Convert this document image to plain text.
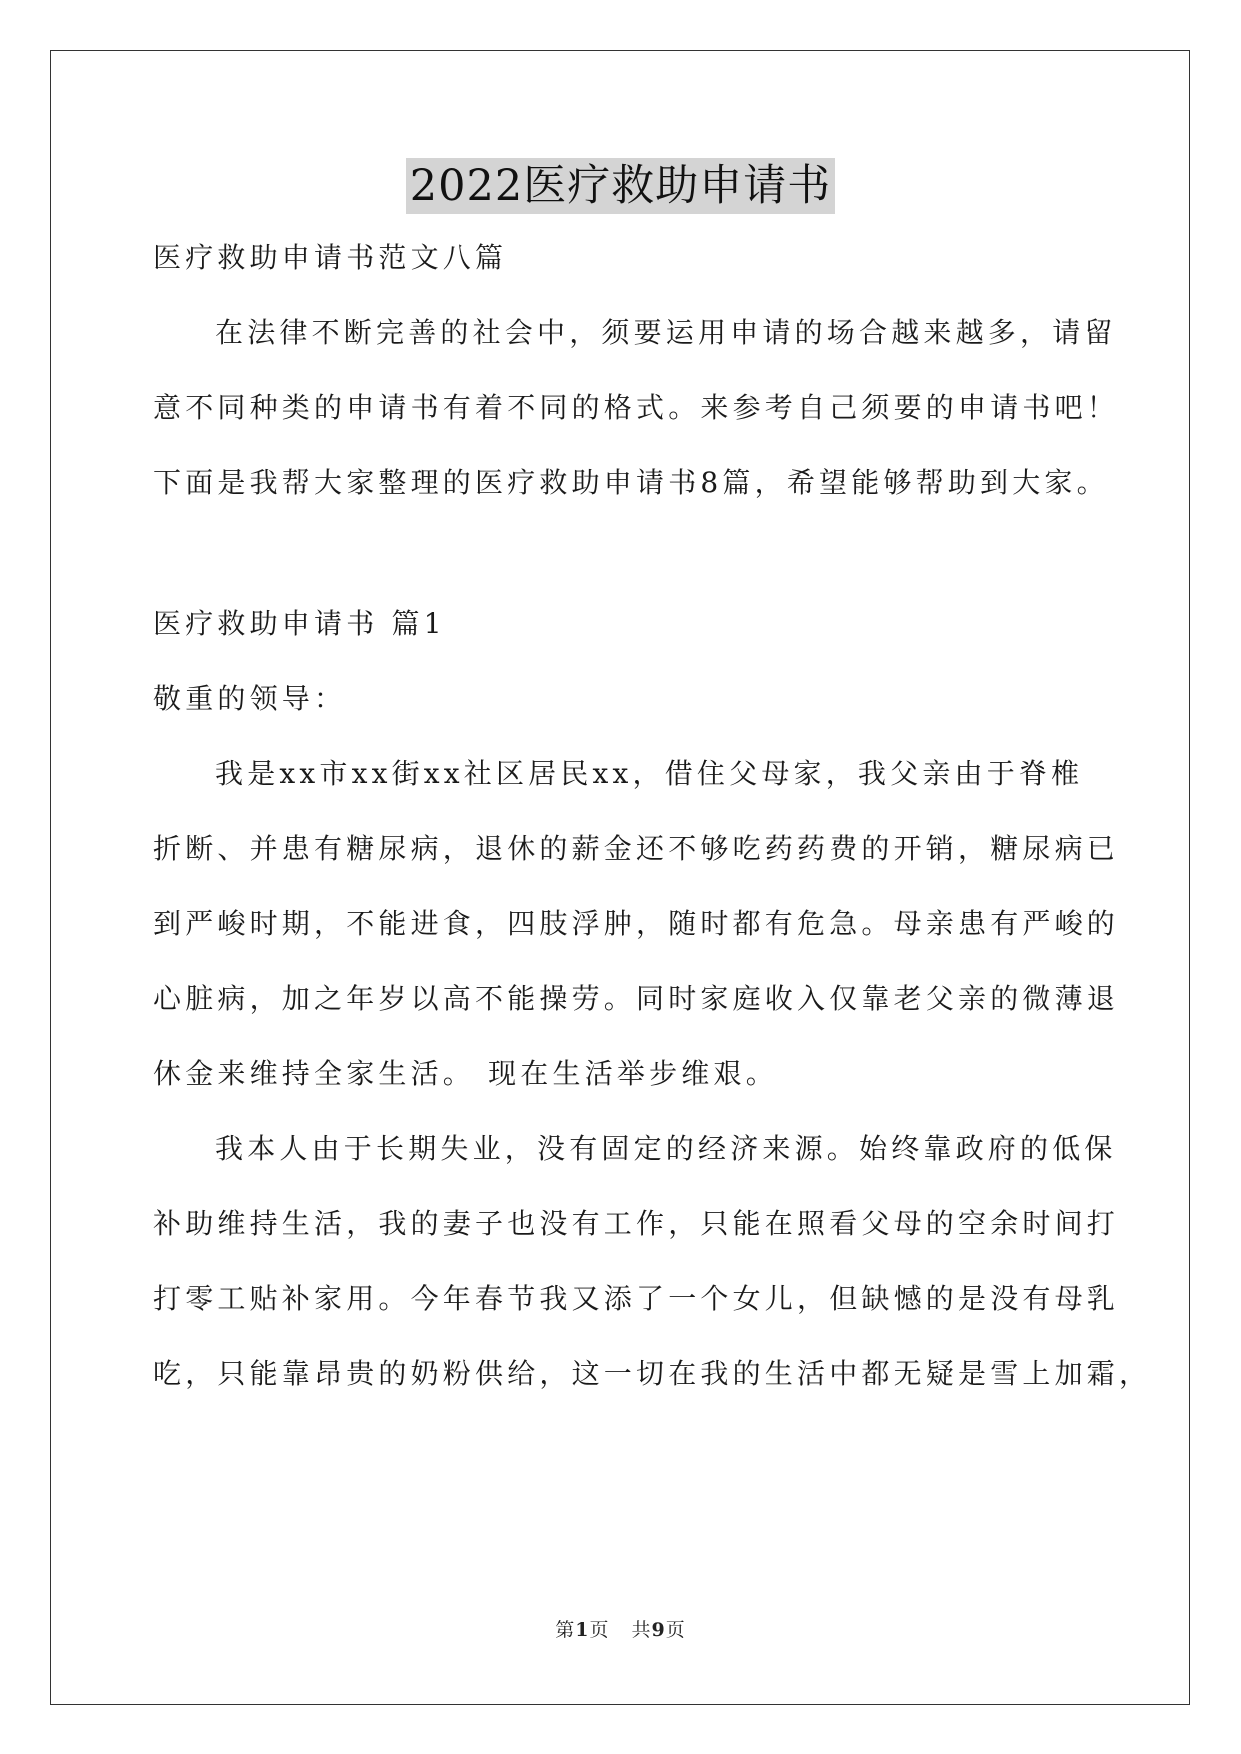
2022医疗救助申请书
医疗救助申请书范文八篇
在法律不断完善的社会中，须要运用申请的场合越来越多，请留
意不同种类的申请书有着不同的格式。来参考自己须要的申请书吧！
下面是我帮大家整理的医疗救助申请书8篇，希望能够帮助到大家。
医疗救助申请书 篇1
敬重的领导：
我是xx市xx街xx社区居民xx，借住父母家，我父亲由于脊椎
折断、并患有糖尿病，退休的薪金还不够吃药药费的开销，糖尿病已
到严峻时期，不能进食，四肢浮肿，随时都有危急。母亲患有严峻的
心脏病，加之年岁以高不能操劳。同时家庭收入仅靠老父亲的微薄退
休金来维持全家生活。 现在生活举步维艰。
我本人由于长期失业，没有固定的经济来源。始终靠政府的低保
补助维持生活，我的妻子也没有工作，只能在照看父母的空余时间打
打零工贴补家用。今年春节我又添了一个女儿，但缺憾的是没有母乳
吃，只能靠昂贵的奶粉供给，这一切在我的生活中都无疑是雪上加霜，
第1页 共9页
